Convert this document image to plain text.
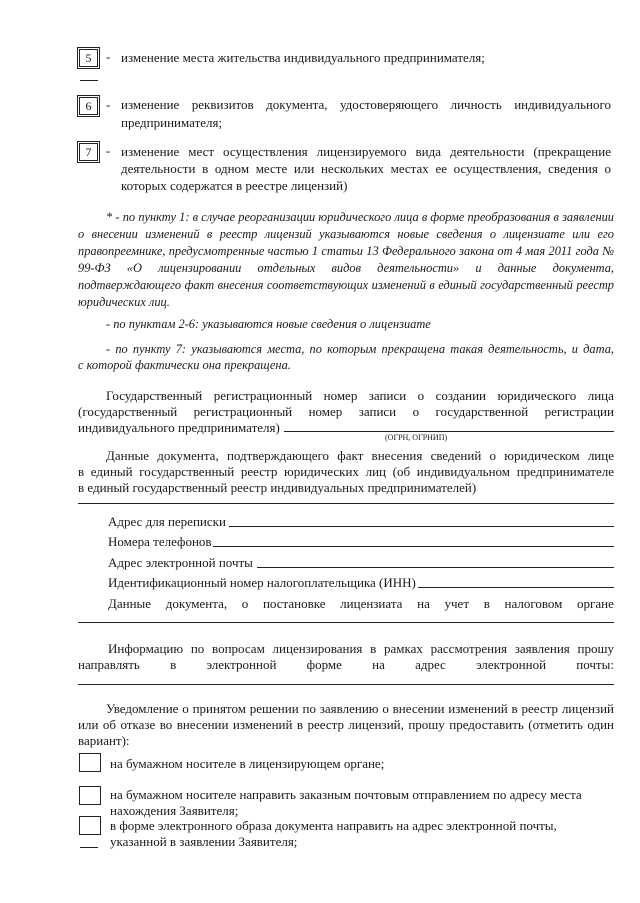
5	- изменение места жительства индивидуального предпринимателя;
6	- изменение реквизитов документа, удостоверяющего личность индивидуального
предпринимателя;
7	- изменение мест осуществления лицензируемого вида деятельности (прекращение
деятельности в одном месте или нескольких местах ее осуществления, сведения о
которых содержатся в реестре лицензий)
* - по пункту 1: в случае реорганизации юридического лица в форме преобразования в заявлении о внесении изменений в реестр лицензий указываются новые сведения о лицензиате или его правопреемнике, предусмотренные частью 1 статьи 13 Федерального закона от 4 мая 2011 года № 99-ФЗ «О лицензировании отдельных видов деятельности» и данные документа, подтверждающего факт внесения соответствующих изменений в единый государственный реестр юридических лиц.
- по пунктам 2-6: указываются новые сведения о лицензиате
- по пункту 7: указываются места, по которым прекращена такая деятельность, и дата,
с которой фактически она прекращена.
Государственный регистрационный номер записи о создании юридического лица
(государственный регистрационный номер записи о государственной регистрации
индивидуального предпринимателя)
(ОГРН, ОГРНИП)
Данные документа, подтверждающего факт внесения сведений о юридическом лице
в единый государственный реестр юридических лиц (об индивидуальном предпринимателе
в единый государственный реестр индивидуальных предпринимателей)
Адрес для переписки
Номера телефонов
Адрес электронной почты
Идентификационный номер налогоплательщика (ИНН)
Данные документа, о постановке лицензиата на учет в налоговом органе
Информацию по вопросам лицензирования в рамках рассмотрения заявления прошу
направлять в электронной форме на адрес электронной почты:
Уведомление о принятом решении по заявлению о внесении изменений в реестр лицензий
или об отказе во внесении изменений в реестр лицензий, прошу предоставить (отметить один
вариант):
на бумажном носителе в лицензирующем органе;
на бумажном носителе направить заказным почтовым отправлением по адресу места
нахождения Заявителя;
в форме электронного образа документа направить на адрес электронной почты,
указанной в заявлении Заявителя;
